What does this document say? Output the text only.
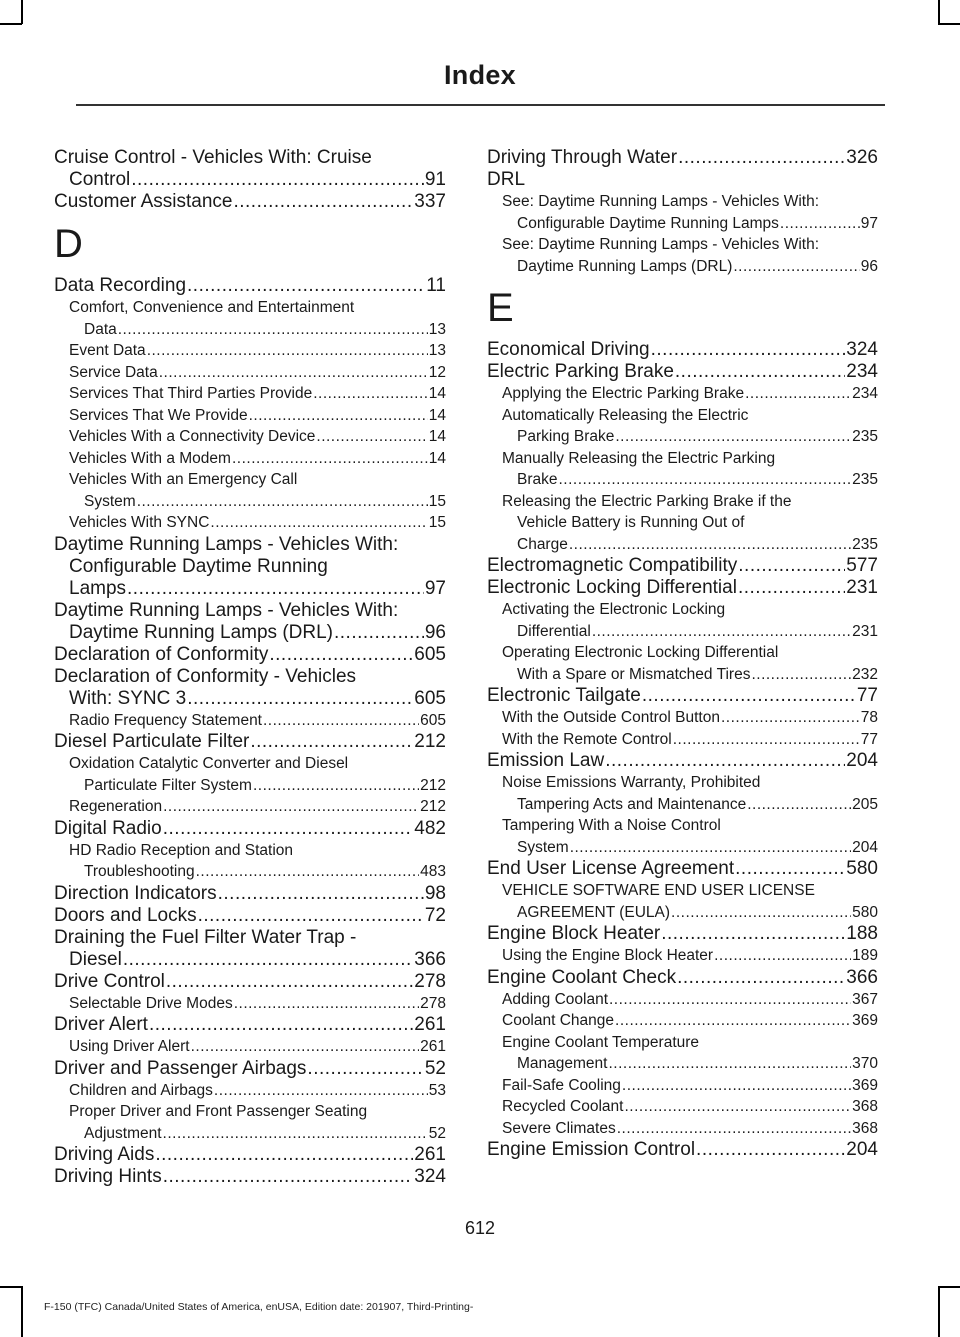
Index
Cruise Control - Vehicles With: Cruise
Control .....	91
Customer Assistance .....	337
D
Data Recording .....	11
Comfort, Convenience and Entertainment
Data .....	13
Event Data .....	13
Service Data .....	12
Services That Third Parties Provide .....	14
Services That We Provide .....	14
Vehicles With a Connectivity Device .....	14
Vehicles With a Modem .....	14
Vehicles With an Emergency Call
System .....	15
Vehicles With SYNC .....	15
Daytime Running Lamps - Vehicles With:
Configurable Daytime Running
Lamps .....	97
Daytime Running Lamps - Vehicles With:
Daytime Running Lamps (DRL) .....	96
Declaration of Conformity .....	605
Declaration of Conformity - Vehicles
With: SYNC 3 .....	605
Radio Frequency Statement .....	605
Diesel Particulate Filter .....	212
Oxidation Catalytic Converter and Diesel
Particulate Filter System .....	212
Regeneration .....	212
Digital Radio .....	482
HD Radio Reception and Station
Troubleshooting .....	483
Direction Indicators .....	98
Doors and Locks .....	72
Draining the Fuel Filter Water Trap -
Diesel .....	366
Drive Control .....	278
Selectable Drive Modes .....	278
Driver Alert .....	261
Using Driver Alert .....	261
Driver and Passenger Airbags .....	52
Children and Airbags .....	53
Proper Driver and Front Passenger Seating
Adjustment .....	52
Driving Aids .....	261
Driving Hints .....	324
Driving Through Water .....	326
DRL
See: Daytime Running Lamps - Vehicles With:
Configurable Daytime Running Lamps .....	97
See: Daytime Running Lamps - Vehicles With:
Daytime Running Lamps (DRL) .....	96
E
Economical Driving .....	324
Electric Parking Brake .....	234
Applying the Electric Parking Brake .....	234
Automatically Releasing the Electric
Parking Brake .....	235
Manually Releasing the Electric Parking
Brake .....	235
Releasing the Electric Parking Brake if the
Vehicle Battery is Running Out of
Charge .....	235
Electromagnetic Compatibility .....	577
Electronic Locking Differential .....	231
Activating the Electronic Locking
Differential .....	231
Operating Electronic Locking Differential
With a Spare or Mismatched Tires .....	232
Electronic Tailgate .....	77
With the Outside Control Button .....	78
With the Remote Control .....	77
Emission Law .....	204
Noise Emissions Warranty, Prohibited
Tampering Acts and Maintenance .....	205
Tampering With a Noise Control
System .....	204
End User License Agreement .....	580
VEHICLE SOFTWARE END USER LICENSE
AGREEMENT (EULA) .....	580
Engine Block Heater .....	188
Using the Engine Block Heater .....	189
Engine Coolant Check .....	366
Adding Coolant .....	367
Coolant Change .....	369
Engine Coolant Temperature
Management .....	370
Fail-Safe Cooling .....	369
Recycled Coolant .....	368
Severe Climates .....	368
Engine Emission Control .....	204
612
F-150 (TFC) Canada/United States of America, enUSA, Edition date: 201907, Third-Printing-
